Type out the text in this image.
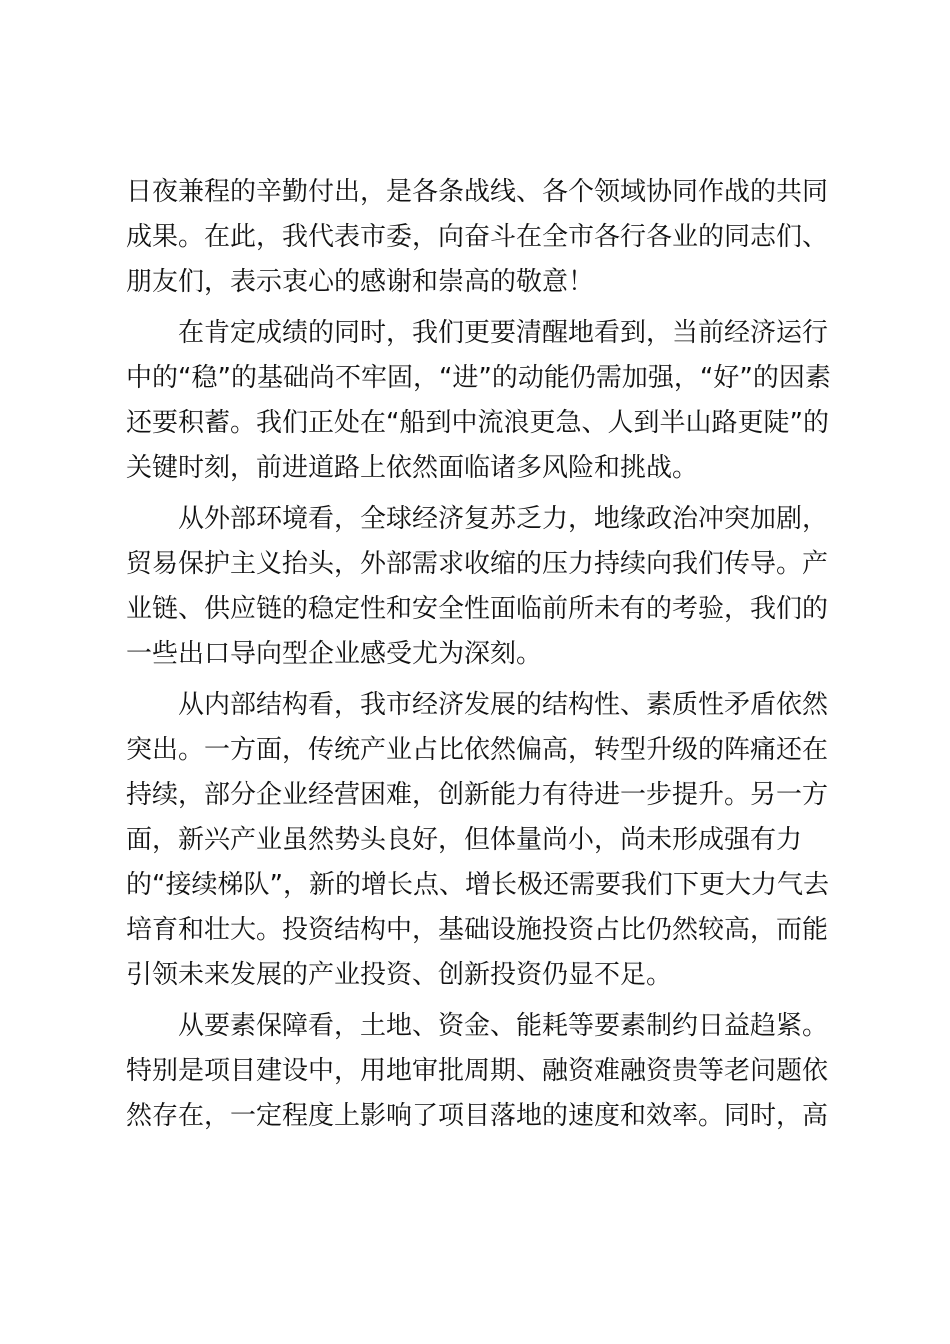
日夜兼程的辛勤付出，是各条战线、各个领域协同作战的共同
成果。在此，我代表市委，向奋斗在全市各行各业的同志们、
朋友们，表示衷心的感谢和崇高的敬意！
在肯定成绩的同时，我们更要清醒地看到，当前经济运行
中的“稳”的基础尚不牢固，“进”的动能仍需加强，“好”的因素
还要积蓄。我们正处在“船到中流浪更急、人到半山路更陡”的
关键时刻，前进道路上依然面临诸多风险和挑战。
从外部环境看，全球经济复苏乏力，地缘政治冲突加剧，
贸易保护主义抬头，外部需求收缩的压力持续向我们传导。产
业链、供应链的稳定性和安全性面临前所未有的考验，我们的
一些出口导向型企业感受尤为深刻。
从内部结构看，我市经济发展的结构性、素质性矛盾依然
突出。一方面，传统产业占比依然偏高，转型升级的阵痛还在
持续，部分企业经营困难，创新能力有待进一步提升。另一方
面，新兴产业虽然势头良好，但体量尚小，尚未形成强有力
的“接续梯队”，新的增长点、增长极还需要我们下更大力气去
培育和壮大。投资结构中，基础设施投资占比仍然较高，而能
引领未来发展的产业投资、创新投资仍显不足。
从要素保障看，土地、资金、能耗等要素制约日益趋紧。
特别是项目建设中，用地审批周期、融资难融资贵等老问题依
然存在，一定程度上影响了项目落地的速度和效率。同时，高
